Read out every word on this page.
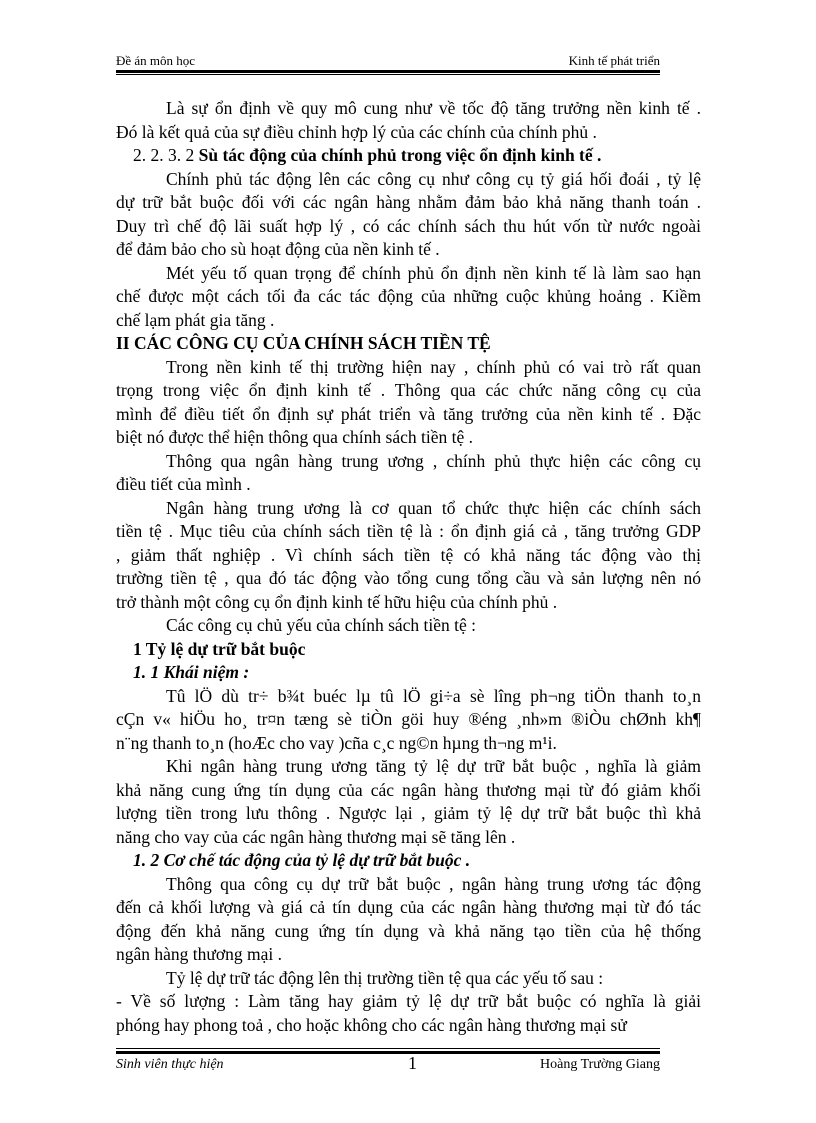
Đề án môn học	Kinh tế phát triển

Là sự ổn định về quy mô cung như về tốc độ tăng trưởng nền kinh tế .

Đó là kết quả của sự điều chỉnh hợp lý của các chính của chính phủ .

2. 2. 3. 2 Sù tác động của chính phủ trong việc ổn định kinh tế .

Chính phủ tác động lên các công cụ như công cụ tỷ giá hối đoái , tỷ lệ

dự trữ bắt buộc đối với các ngân hàng nhằm đảm bảo khả năng thanh toán .

Duy trì chế độ lãi suất hợp lý , có các chính sách thu hút vốn từ nước ngoài

để đảm bảo cho sù hoạt động của nền kinh tế .

Mét yếu tố quan trọng để chính phủ ổn định nền kinh tế là làm sao hạn

chế được một cách tối đa các tác động của những cuộc khủng hoảng . Kiềm

chế lạm phát gia tăng .

II CÁC CÔNG CỤ CỦA CHÍNH SÁCH TIỀN TỆ

Trong nền kinh tế thị trường hiện nay , chính phủ có vai trò rất quan

trọng trong việc ổn định kinh tế . Thông qua các chức năng công cụ của

mình để điều tiết ổn định sự phát triển và tăng trưởng của nền kinh tế . Đặc

biệt nó được thể hiện thông qua chính sách tiền tệ .

Thông qua ngân hàng trung ương , chính phủ thực hiện các công cụ

điều tiết của mình .

Ngân hàng trung ương là cơ quan tổ chức thực hiện các chính sách

tiền tệ . Mục tiêu của chính sách tiền tệ là : ổn định giá cả , tăng trưởng GDP

, giảm thất nghiệp . Vì chính sách tiền tệ có khả năng tác động vào thị

trường tiền tệ , qua đó tác động vào tổng cung tổng cầu và sản lượng nên nó

trở thành một công cụ ổn định kinh tế hữu hiệu của chính phủ .

Các công cụ chủ yếu của chính sách tiền tệ :

1 Tỷ lệ dự trữ bắt buộc

1. 1 Khái niệm :

Tû lÖ dù tr÷ b¾t buéc lµ tû lÖ gi÷a sè lîng ph¬ng tiÖn thanh to¸n

cÇn v« hiÖu ho¸ tr¤n tæng sè tiÒn göi huy ®éng ¸nh»m ®iÒu chØnh kh¶

n¨ng thanh to¸n (hoÆc cho vay )cña c¸c ng©n hµng th¬ng m¹i.

Khi ngân hàng trung ương tăng tỷ lệ dự trữ bắt buộc , nghĩa là giảm

khả năng cung ứng tín dụng của các ngân hàng thương mại từ đó giảm khối

lượng tiền trong lưu thông . Ngược lại , giảm tỷ lệ dự trữ bắt buộc thì khả

năng cho vay của các ngân hàng thương mại sẽ tăng lên .

1. 2 Cơ chế tác động của tỷ lệ dự trữ bắt buộc .

Thông qua công cụ dự trữ bắt buộc , ngân hàng trung ương tác động

đến cả khối lượng và giá cả tín dụng của các ngân hàng thương mại từ đó tác

động đến khả năng cung ứng tín dụng và khả năng tạo tiền của hệ thống

ngân hàng thương mại .

Tỷ lệ dự trữ tác động lên thị trường tiền tệ qua các yếu tố sau :

- Về số lượng : Làm tăng hay giảm tỷ lệ dự trữ bắt buộc có nghĩa là giải

phóng hay phong toả , cho hoặc không cho các ngân hàng thương mại sử

Sinh viên thực hiện	1	Hoàng Trường Giang
